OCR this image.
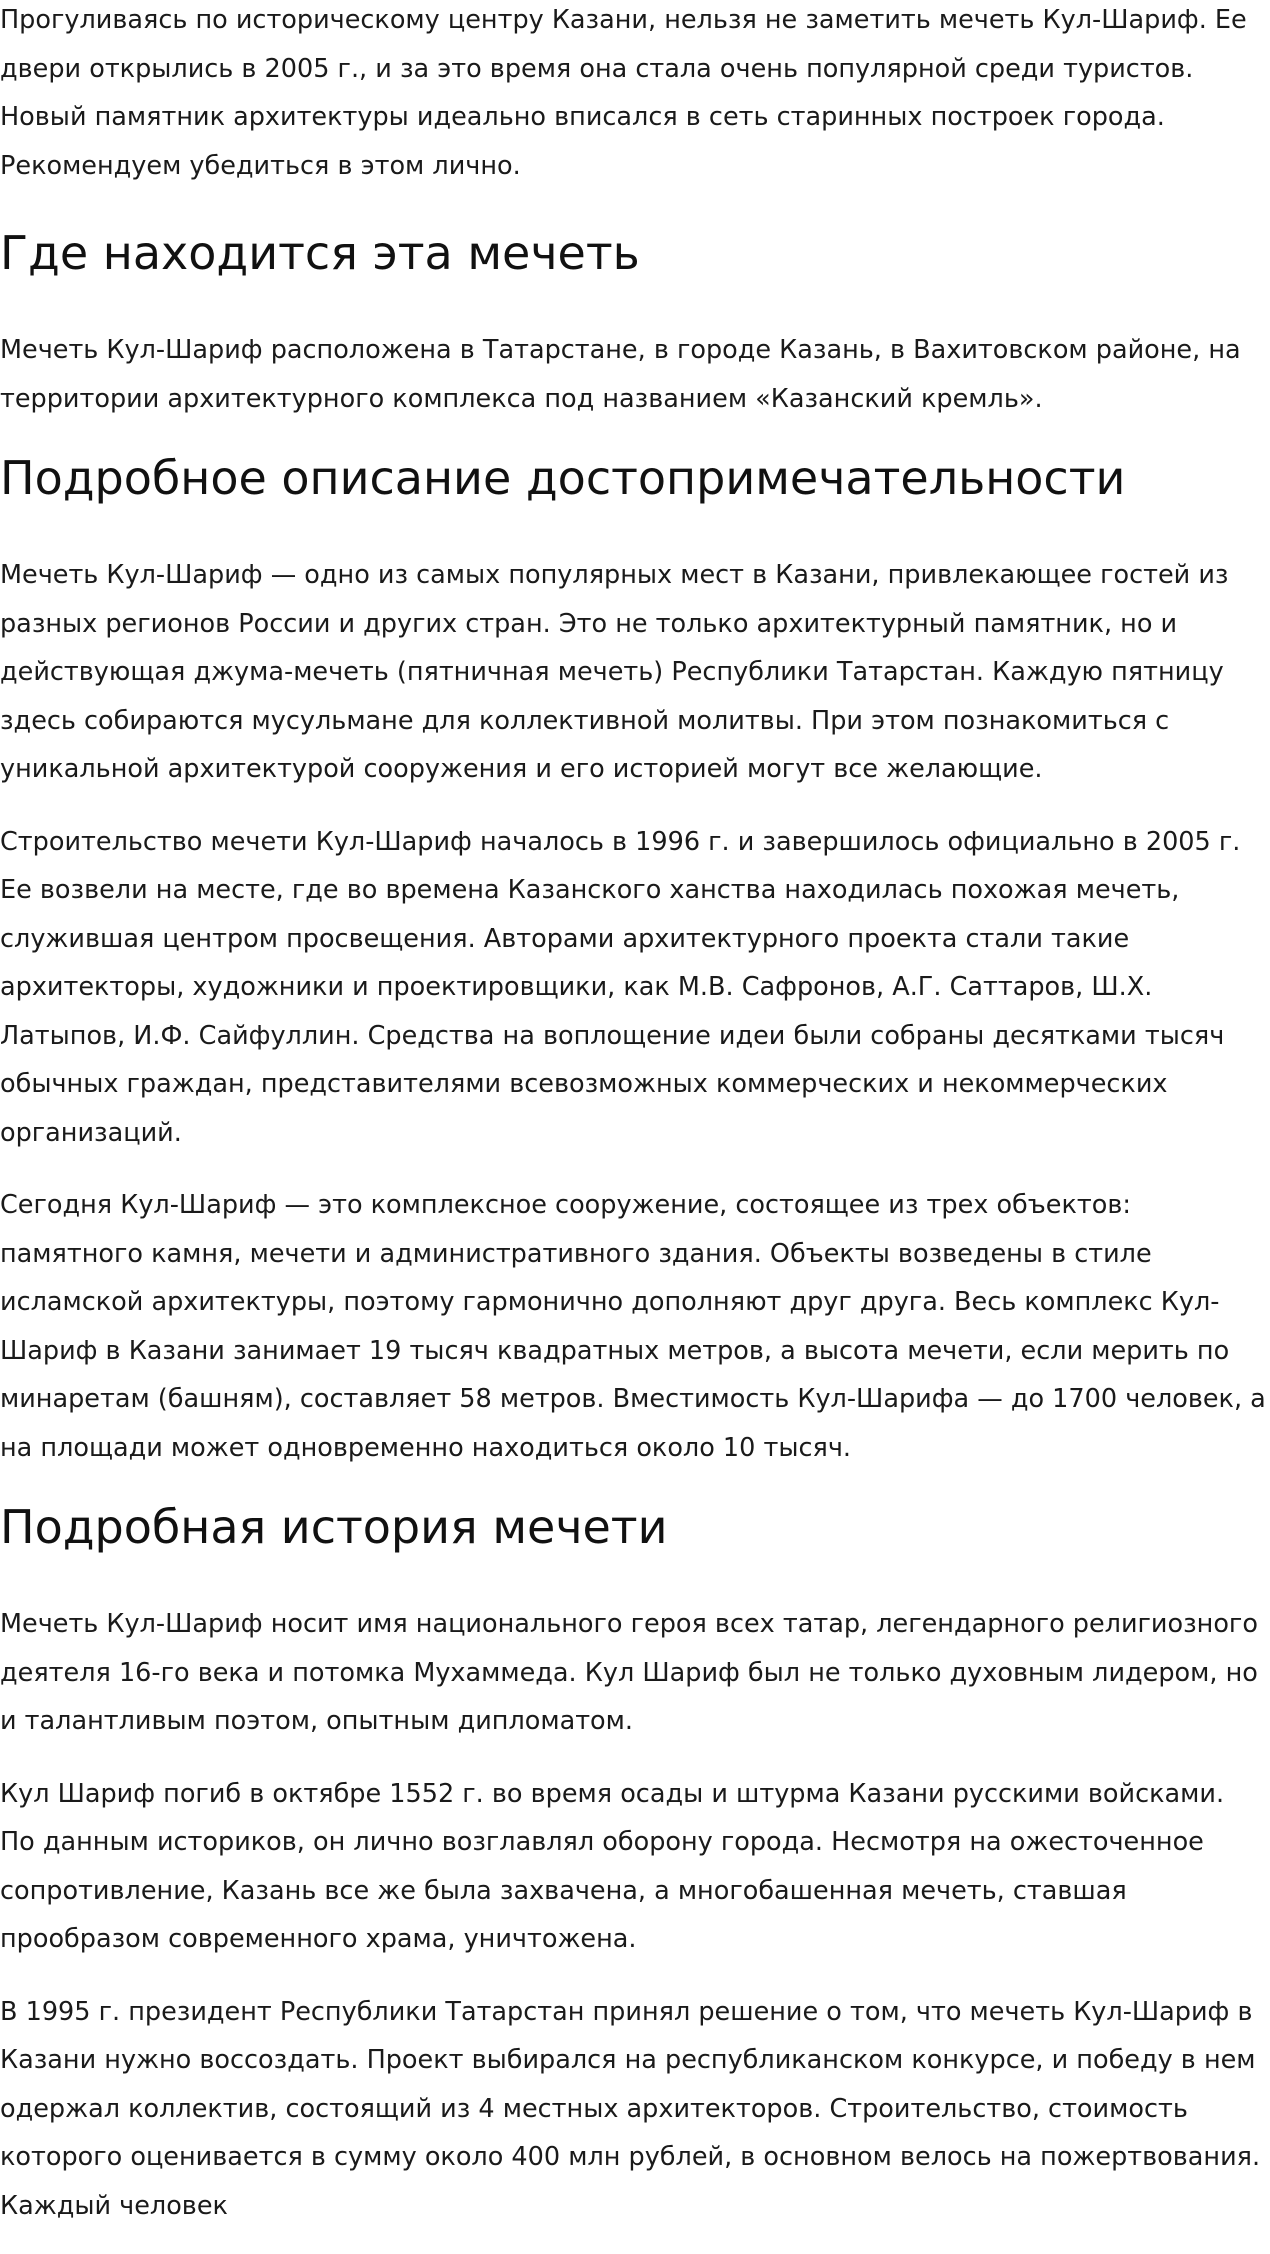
Прогуливаясь по историческому центру Казани, нельзя не заметить мечеть Кул-Шариф. Ее двери открылись в 2005 г., и за это время она стала очень популярной среди туристов. Новый памятник архитектуры идеально вписался в сеть старинных построек города. Рекомендуем убедиться в этом лично.

Где находится эта мечеть

Мечеть Кул-Шариф расположена в Татарстане, в городе Казань, в Вахитовском районе, на территории архитектурного комплекса под названием «Казанский кремль».

Подробное описание достопримечательности

Мечеть Кул-Шариф — одно из самых популярных мест в Казани, привлекающее гостей из разных регионов России и других стран. Это не только архитектурный памятник, но и действующая джума-мечеть (пятничная мечеть) Республики Татарстан. Каждую пятницу здесь собираются мусульмане для коллективной молитвы. При этом познакомиться с уникальной архитектурой сооружения и его историей могут все желающие.

Строительство мечети Кул-Шариф началось в 1996 г. и завершилось официально в 2005 г. Ее возвели на месте, где во времена Казанского ханства находилась похожая мечеть, служившая центром просвещения. Авторами архитектурного проекта стали такие архитекторы, художники и проектировщики, как М.В. Сафронов, А.Г. Саттаров, Ш.Х. Латыпов, И.Ф. Сайфуллин. Средства на воплощение идеи были собраны десятками тысяч обычных граждан, представителями всевозможных коммерческих и некоммерческих организаций.

Сегодня Кул-Шариф — это комплексное сооружение, состоящее из трех объектов: памятного камня, мечети и административного здания. Объекты возведены в стиле исламской архитектуры, поэтому гармонично дополняют друг друга. Весь комплекс Кул-Шариф в Казани занимает 19 тысяч квадратных метров, а высота мечети, если мерить по минаретам (башням), составляет 58 метров. Вместимость Кул-Шарифа — до 1700 человек, а на площади может одновременно находиться около 10 тысяч.

Подробная история мечети

Мечеть Кул-Шариф носит имя национального героя всех татар, легендарного религиозного деятеля 16-го века и потомка Мухаммеда. Кул Шариф был не только духовным лидером, но и талантливым поэтом, опытным дипломатом.

Кул Шариф погиб в октябре 1552 г. во время осады и штурма Казани русскими войсками. По данным историков, он лично возглавлял оборону города. Несмотря на ожесточенное сопротивление, Казань все же была захвачена, а многобашенная мечеть, ставшая прообразом современного храма, уничтожена.

В 1995 г. президент Республики Татарстан принял решение о том, что мечеть Кул-Шариф в Казани нужно воссоздать. Проект выбирался на республиканском конкурсе, и победу в нем одержал коллектив, состоящий из 4 местных архитекторов. Строительство, стоимость которого оценивается в сумму около 400 млн рублей, в основном велось на пожертвования. Каждый человек
